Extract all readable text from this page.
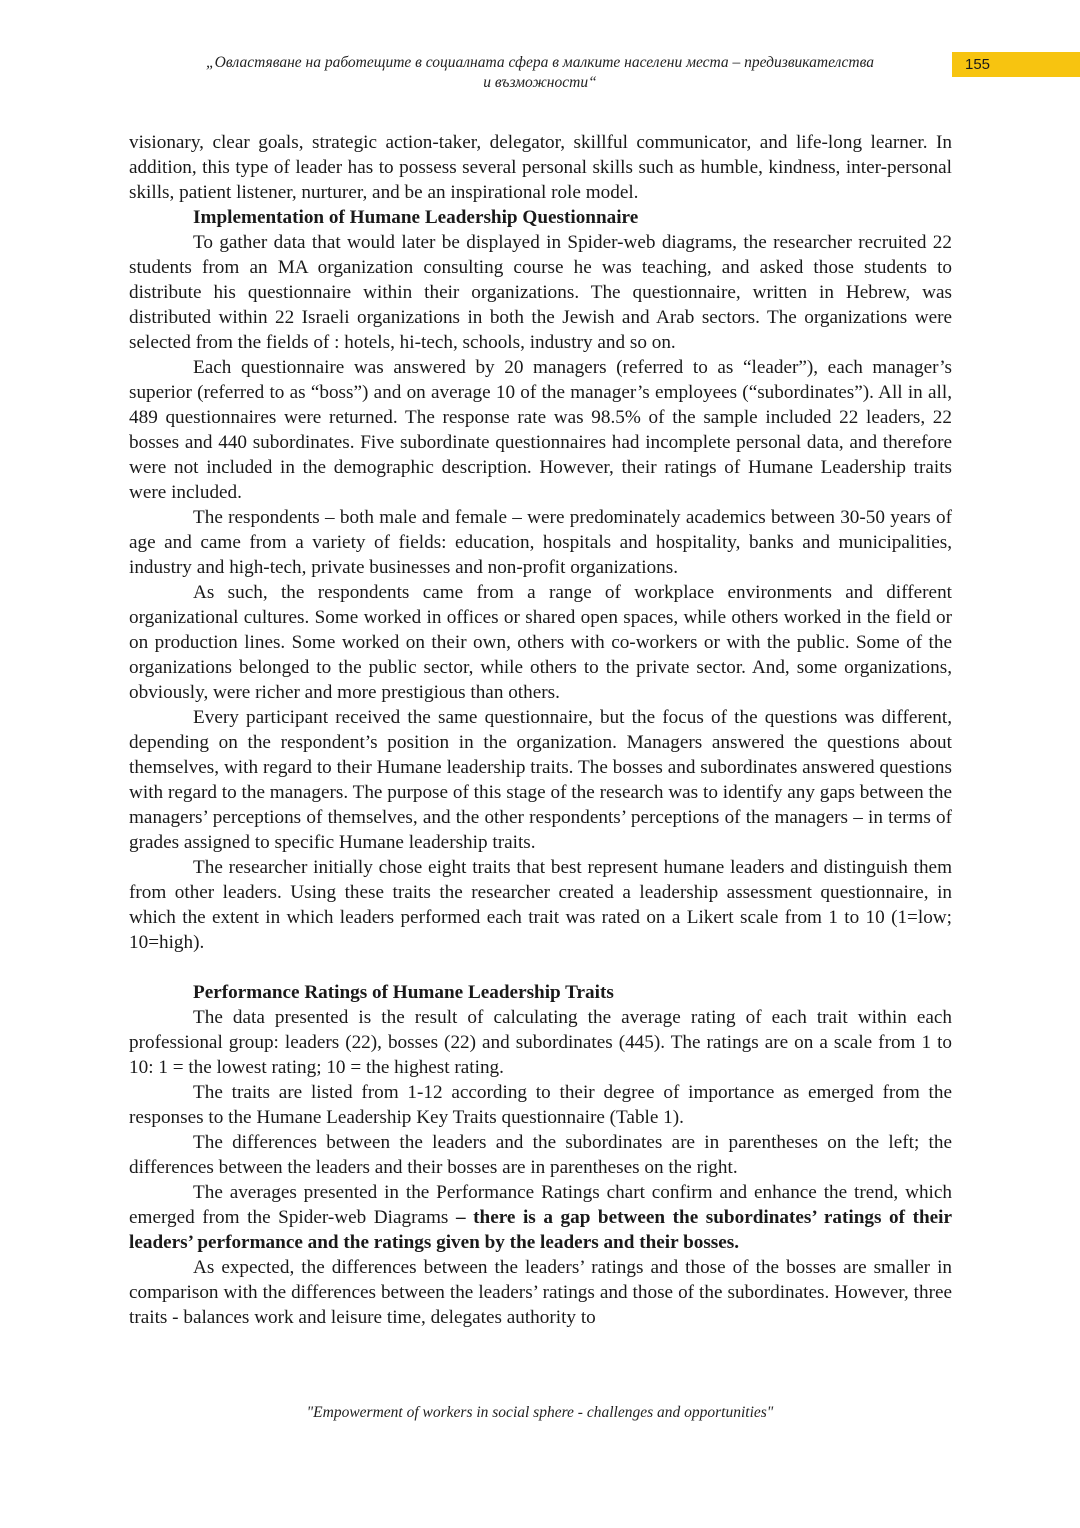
„Овластяване на работещите в социалната сфера в малките населени места – предизвикателства
и възможности“
155

visionary, clear goals, strategic action-taker, delegator, skillful communicator, and life-long learner. In addition, this type of leader has to possess several personal skills such as humble, kindness, inter-personal skills, patient listener, nurturer, and be an inspirational role model.

Implementation of Humane Leadership Questionnaire

To gather data that would later be displayed in Spider-web diagrams, the researcher recruited 22 students from an MA organization consulting course he was teaching, and asked those students to distribute his questionnaire within their organizations. The questionnaire, written in Hebrew, was distributed within 22 Israeli organizations in both the Jewish and Arab sectors. The organizations were selected from the fields of : hotels, hi-tech, schools, industry and so on.

Each questionnaire was answered by 20 managers (referred to as “leader”), each manager’s superior (referred to as “boss”) and on average 10 of the manager’s employees (“subordinates”). All in all, 489 questionnaires were returned. The response rate was 98.5% of the sample included 22 leaders, 22 bosses and 440 subordinates. Five subordinate questionnaires had incomplete personal data, and therefore were not included in the demographic description. However, their ratings of Humane Leadership traits were included.

The respondents – both male and female – were predominately academics between 30-50 years of age and came from a variety of fields: education, hospitals and hospitality, banks and municipalities, industry and high-tech, private businesses and non-profit organizations.

As such, the respondents came from a range of workplace environments and different organizational cultures. Some worked in offices or shared open spaces, while others worked in the field or on production lines. Some worked on their own, others with co-workers or with the public. Some of the organizations belonged to the public sector, while others to the private sector. And, some organizations, obviously, were richer and more prestigious than others.

Every participant received the same questionnaire, but the focus of the questions was different, depending on the respondent’s position in the organization. Managers answered the questions about themselves, with regard to their Humane leadership traits. The bosses and subordinates answered questions with regard to the managers. The purpose of this stage of the research was to identify any gaps between the managers’ perceptions of themselves, and the other respondents’ perceptions of the managers – in terms of grades assigned to specific Humane leadership traits.

The researcher initially chose eight traits that best represent humane leaders and distinguish them from other leaders. Using these traits the researcher created a leadership assessment questionnaire, in which the extent in which leaders performed each trait was rated on a Likert scale from 1 to 10 (1=low; 10=high).

Performance Ratings of Humane Leadership Traits

The data presented is the result of calculating the average rating of each trait within each professional group: leaders (22), bosses (22) and subordinates (445). The ratings are on a scale from 1 to 10: 1 = the lowest rating; 10 = the highest rating.

The traits are listed from 1-12 according to their degree of importance as emerged from the responses to the Humane Leadership Key Traits questionnaire (Table 1).

The differences between the leaders and the subordinates are in parentheses on the left; the differences between the leaders and their bosses are in parentheses on the right.

The averages presented in the Performance Ratings chart confirm and enhance the trend, which emerged from the Spider-web Diagrams – there is a gap between the subordinates’ ratings of their leaders’ performance and the ratings given by the leaders and their bosses.

As expected, the differences between the leaders’ ratings and those of the bosses are smaller in comparison with the differences between the leaders’ ratings and those of the subordinates. However, three traits - balances work and leisure time, delegates authority to

"Empowerment of workers in social sphere - challenges and opportunities"
